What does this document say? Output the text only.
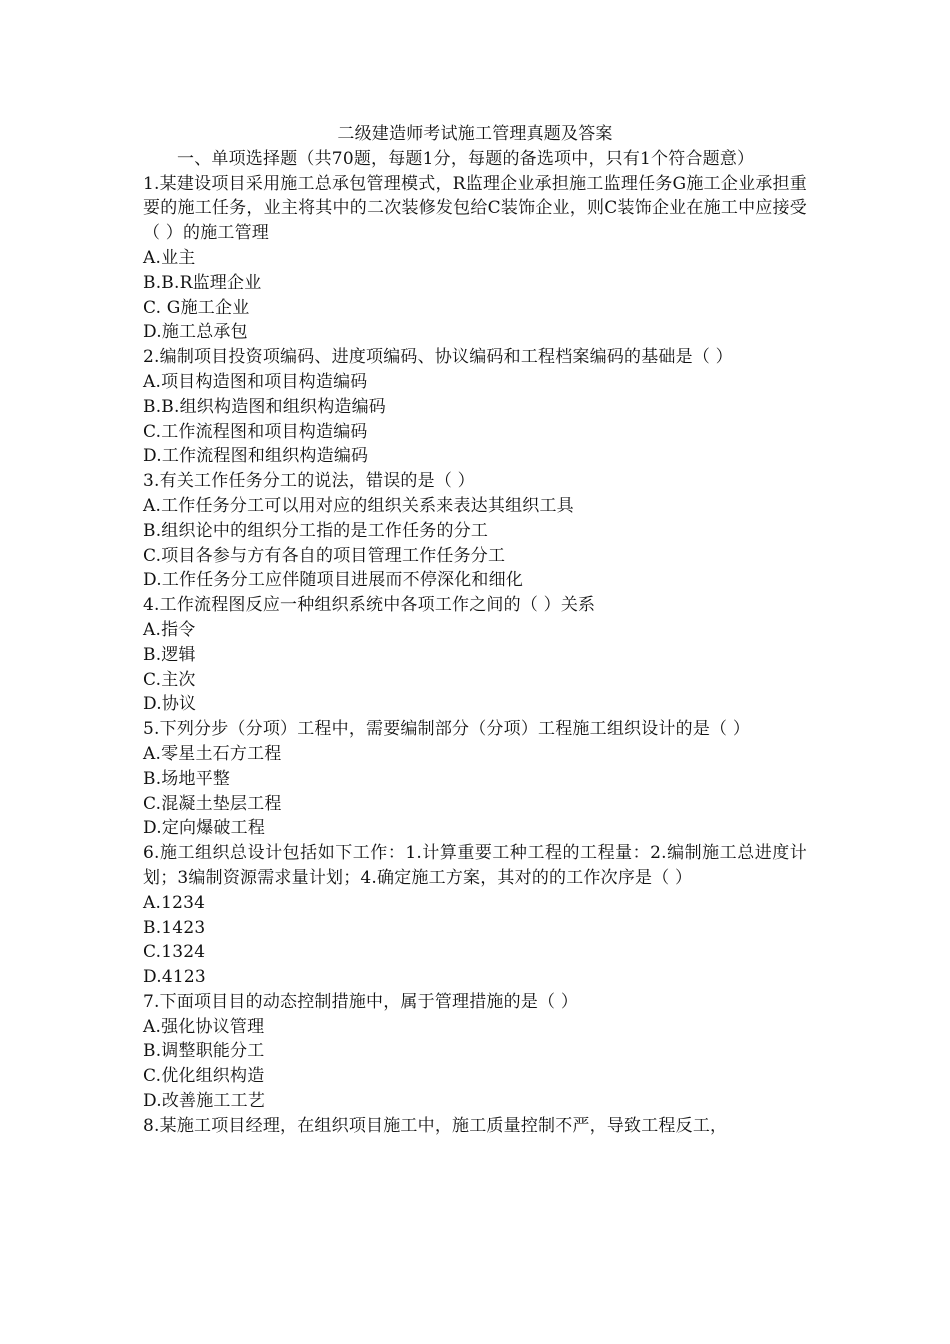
二级建造师考试施工管理真题及答案

一、单项选择题（共70题，每题1分，每题的备选项中，只有1个符合题意）

1.某建设项目采用施工总承包管理模式，R监理企业承担施工监理任务G施工企业承担重要的施工任务，业主将其中的二次装修发包给C装饰企业，则C装饰企业在施工中应接受（ ）的施工管理

A.业主

B.B.R监理企业

C. G施工企业

D.施工总承包

2.编制项目投资项编码、进度项编码、协议编码和工程档案编码的基础是（ ）

A.项目构造图和项目构造编码

B.B.组织构造图和组织构造编码

C.工作流程图和项目构造编码

D.工作流程图和组织构造编码

3.有关工作任务分工的说法，错误的是（ ）

A.工作任务分工可以用对应的组织关系来表达其组织工具

B.组织论中的组织分工指的是工作任务的分工

C.项目各参与方有各自的项目管理工作任务分工

D.工作任务分工应伴随项目进展而不停深化和细化

4.工作流程图反应一种组织系统中各项工作之间的（ ）关系

A.指令

B.逻辑

C.主次

D.协议

5.下列分步（分项）工程中，需要编制部分（分项）工程施工组织设计的是（ ）

A.零星土石方工程

B.场地平整

C.混凝土垫层工程

D.定向爆破工程

6.施工组织总设计包括如下工作：1.计算重要工种工程的工程量：2.编制施工总进度计划；3编制资源需求量计划；4.确定施工方案，其对的的工作次序是（ ）

A.1234

B.1423

C.1324

D.4123

7.下面项目目的动态控制措施中，属于管理措施的是（ ）

A.强化协议管理

B.调整职能分工

C.优化组织构造

D.改善施工工艺

8.某施工项目经理，在组织项目施工中，施工质量控制不严，导致工程反工，
